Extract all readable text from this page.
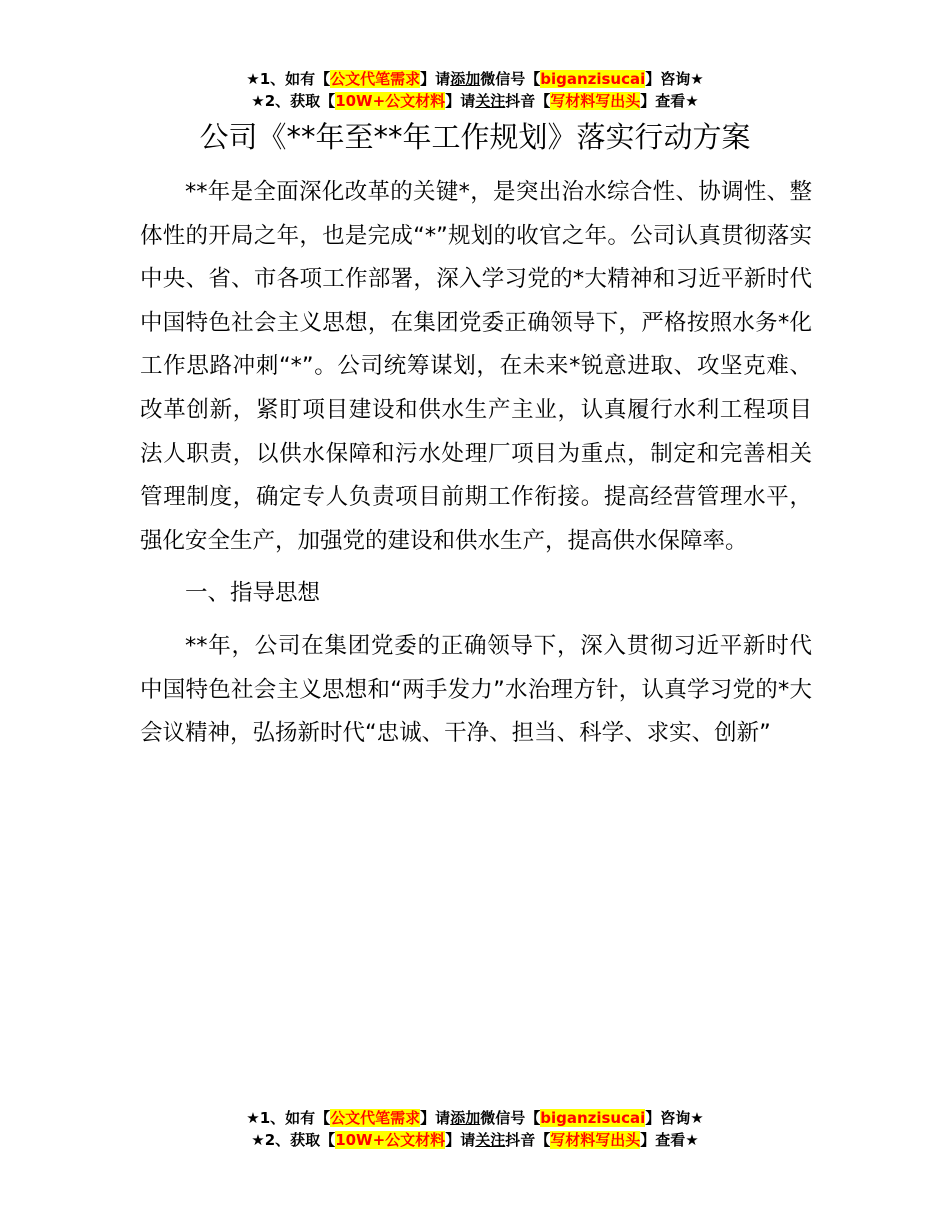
★1、如有【公文代笔需求】请添加微信号【biganzisucai】咨询★
★2、获取【10W+公文材料】请关注抖音【写材料写出头】查看★
公司《**年至**年工作规划》落实行动方案

**年是全面深化改革的关键*，是突出治水综合性、协调性、整体性的开局之年，也是完成“*”规划的收官之年。公司认真贯彻落实中央、省、市各项工作部署，深入学习党的*大精神和习近平新时代中国特色社会主义思想，在集团党委正确领导下，严格按照水务*化工作思路冲刺“*”。公司统筹谋划，在未来*锐意进取、攻坚克难、改革创新，紧盯项目建设和供水生产主业，认真履行水利工程项目法人职责，以供水保障和污水处理厂项目为重点，制定和完善相关管理制度，确定专人负责项目前期工作衔接。提高经营管理水平，强化安全生产，加强党的建设和供水生产，提高供水保障率。

一、指导思想

**年，公司在集团党委的正确领导下，深入贯彻习近平新时代中国特色社会主义思想和“两手发力”水治理方针，认真学习党的*大会议精神，弘扬新时代“忠诚、干净、担当、科学、求实、创新”

★1、如有【公文代笔需求】请添加微信号【biganzisucai】咨询★
★2、获取【10W+公文材料】请关注抖音【写材料写出头】查看★
